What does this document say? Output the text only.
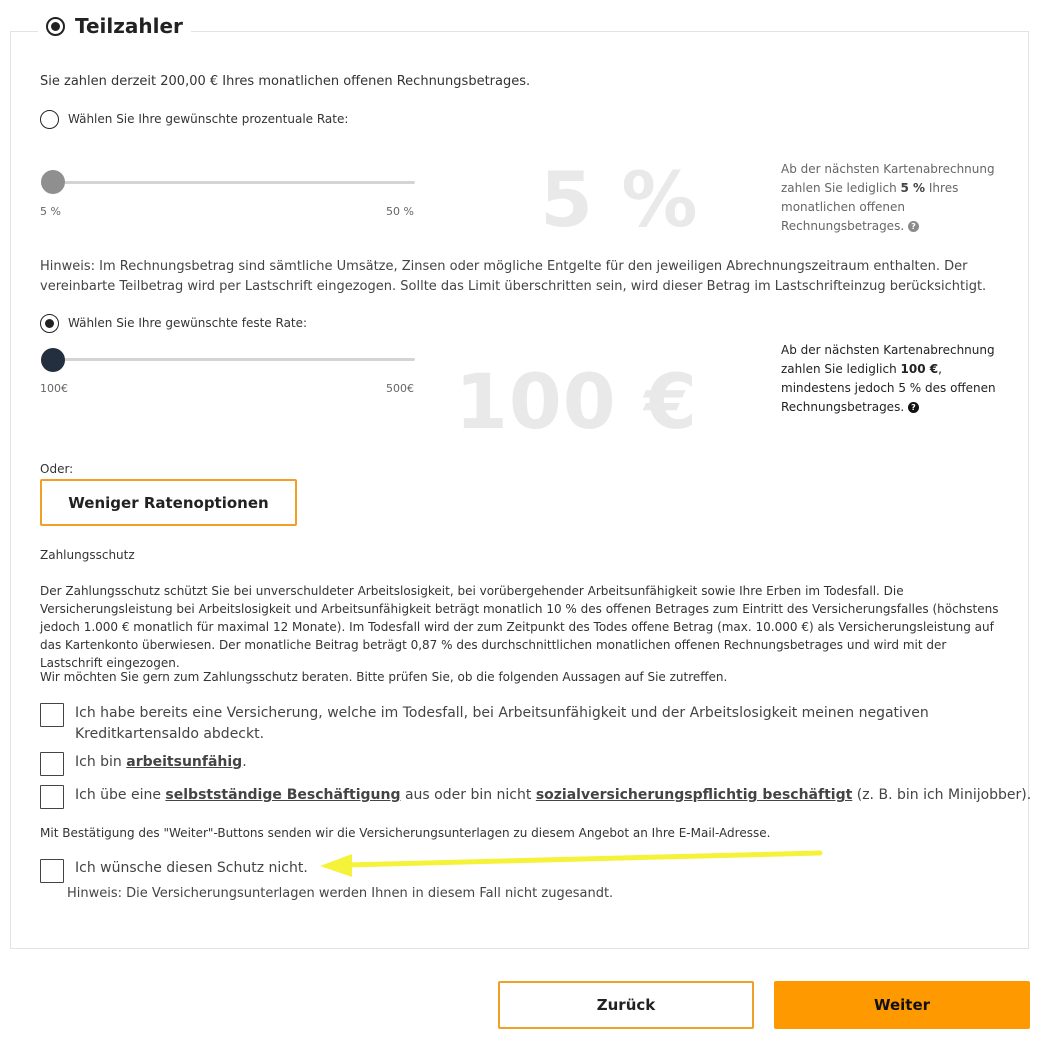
Teilzahler
Sie zahlen derzeit 200,00 € Ihres monatlichen offenen Rechnungsbetrages.
Wählen Sie Ihre gewünschte prozentuale Rate:
5 %	50 % 5 %	Ab der nächsten Kartenabrechnung zahlen Sie lediglich 5 % Ihres monatlichen offenen Rechnungsbetrages. ?
Hinweis: Im Rechnungsbetrag sind sämtliche Umsätze, Zinsen oder mögliche Entgelte für den jeweiligen Abrechnungszeitraum enthalten. Der vereinbarte Teilbetrag wird per Lastschrift eingezogen. Sollte das Limit überschritten sein, wird dieser Betrag im Lastschrifteinzug berücksichtigt.
Wählen Sie Ihre gewünschte feste Rate:
100€	500€ 100 €
Ab der nächsten Kartenabrechnung zahlen Sie lediglich 100 €, mindestens jedoch 5 % des offenen Rechnungsbetrages. ?
Oder:
Weniger Ratenoptionen
Zahlungsschutz
Der Zahlungsschutz schützt Sie bei unverschuldeter Arbeitslosigkeit, bei vorübergehender Arbeitsunfähigkeit sowie Ihre Erben im Todesfall. Die Versicherungsleistung bei Arbeitslosigkeit und Arbeitsunfähigkeit beträgt monatlich 10 % des offenen Betrages zum Eintritt des Versicherungsfalles (höchstens jedoch 1.000 € monatlich für maximal 12 Monate). Im Todesfall wird der zum Zeitpunkt des Todes offene Betrag (max. 10.000 €) als Versicherungsleistung auf das Kartenkonto überwiesen. Der monatliche Beitrag beträgt 0,87 % des durchschnittlichen monatlichen offenen Rechnungsbetrages und wird mit der Lastschrift eingezogen.
Wir möchten Sie gern zum Zahlungsschutz beraten. Bitte prüfen Sie, ob die folgenden Aussagen auf Sie zutreffen.
Ich habe bereits eine Versicherung, welche im Todesfall, bei Arbeitsunfähigkeit und der Arbeitslosigkeit meinen negativen Kreditkartensaldo abdeckt.
Ich bin arbeitsunfähig.
Ich übe eine selbstständige Beschäftigung aus oder bin nicht sozialversicherungspflichtig beschäftigt (z. B. bin ich Minijobber).
Mit Bestätigung des "Weiter"-Buttons senden wir die Versicherungsunterlagen zu diesem Angebot an Ihre E-Mail-Adresse.
Ich wünsche diesen Schutz nicht.
Hinweis: Die Versicherungsunterlagen werden Ihnen in diesem Fall nicht zugesandt.
Zurück	Weiter
